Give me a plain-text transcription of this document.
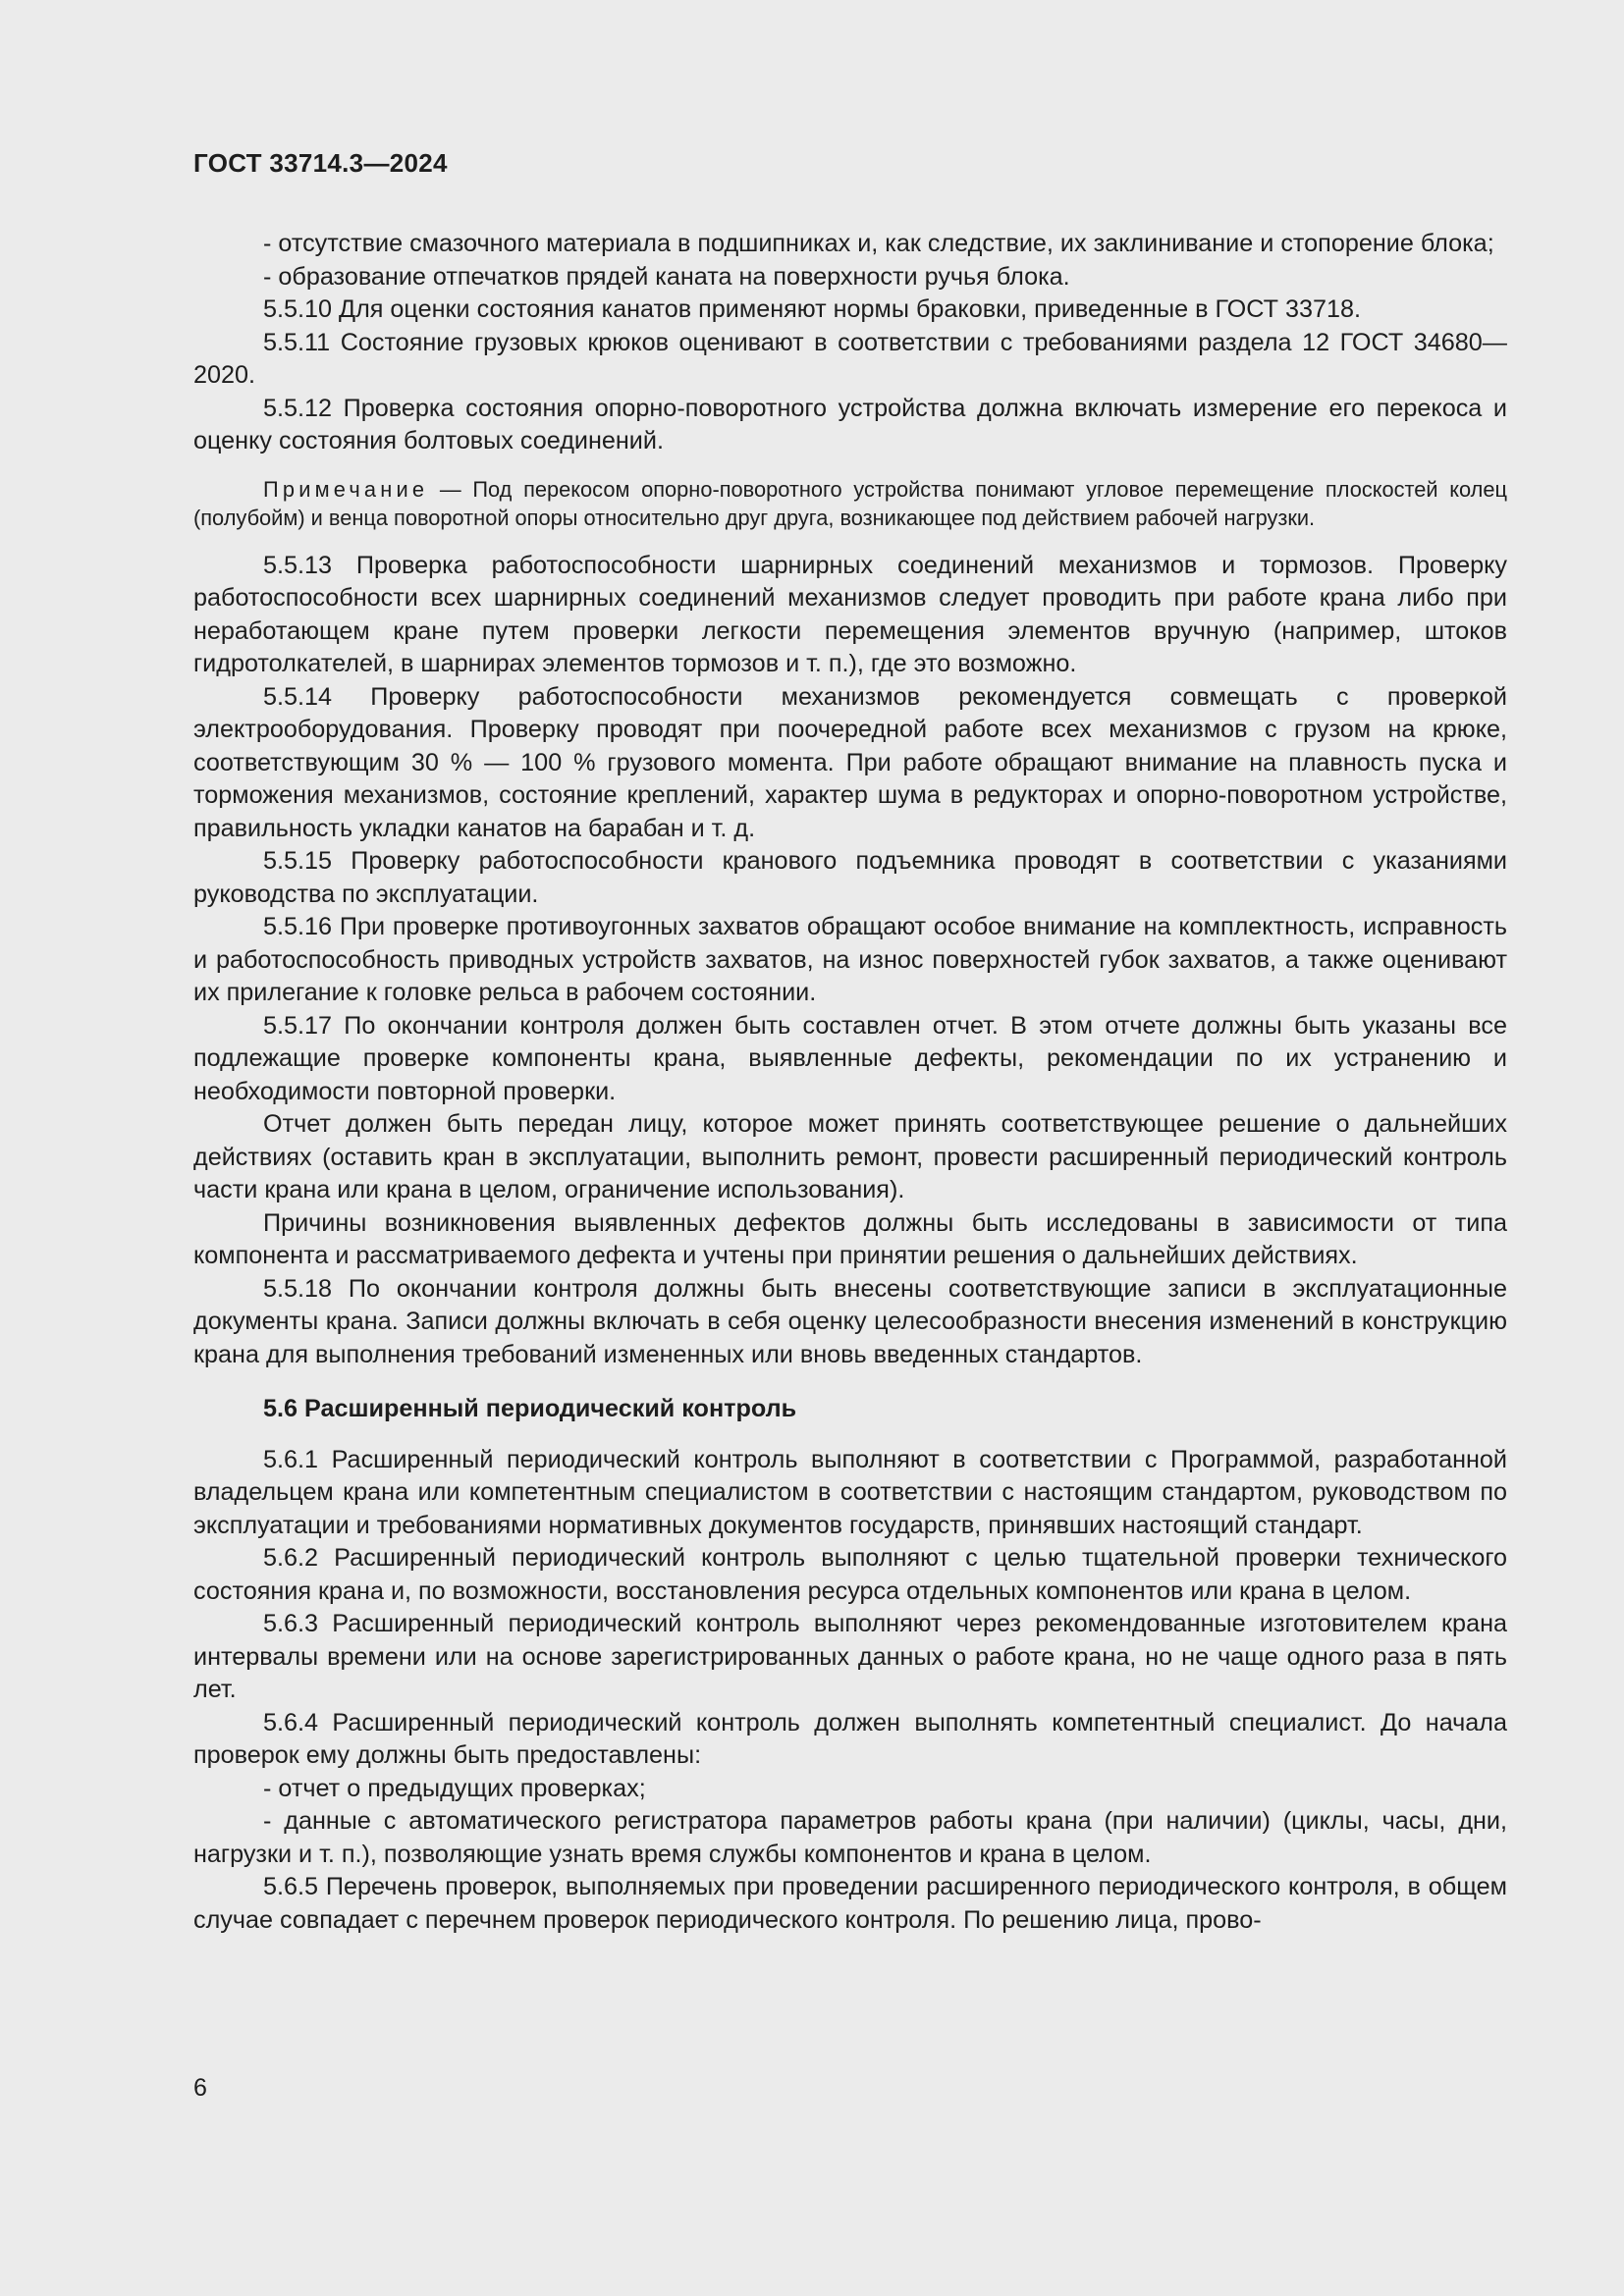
ГОСТ 33714.3—2024

- отсутствие смазочного материала в подшипниках и, как следствие, их заклинивание и стопорение блока;

- образование отпечатков прядей каната на поверхности ручья блока.

5.5.10 Для оценки состояния канатов применяют нормы браковки, приведенные в ГОСТ 33718.

5.5.11 Состояние грузовых крюков оценивают в соответствии с требованиями раздела 12 ГОСТ 34680—2020.

5.5.12 Проверка состояния опорно-поворотного устройства должна включать измерение его перекоса и оценку состояния болтовых соединений.

Примечание — Под перекосом опорно-поворотного устройства понимают угловое перемещение плоскостей колец (полубойм) и венца поворотной опоры относительно друг друга, возникающее под действием рабочей нагрузки.

5.5.13 Проверка работоспособности шарнирных соединений механизмов и тормозов. Проверку работоспособности всех шарнирных соединений механизмов следует проводить при работе крана либо при неработающем кране путем проверки легкости перемещения элементов вручную (например, штоков гидротолкателей, в шарнирах элементов тормозов и т. п.), где это возможно.

5.5.14 Проверку работоспособности механизмов рекомендуется совмещать с проверкой электрооборудования. Проверку проводят при поочередной работе всех механизмов с грузом на крюке, соответствующим 30 % — 100 % грузового момента. При работе обращают внимание на плавность пуска и торможения механизмов, состояние креплений, характер шума в редукторах и опорно-поворотном устройстве, правильность укладки канатов на барабан и т. д.

5.5.15 Проверку работоспособности кранового подъемника проводят в соответствии с указаниями руководства по эксплуатации.

5.5.16 При проверке противоугонных захватов обращают особое внимание на комплектность, исправность и работоспособность приводных устройств захватов, на износ поверхностей губок захватов, а также оценивают их прилегание к головке рельса в рабочем состоянии.

5.5.17 По окончании контроля должен быть составлен отчет. В этом отчете должны быть указаны все подлежащие проверке компоненты крана, выявленные дефекты, рекомендации по их устранению и необходимости повторной проверки.

Отчет должен быть передан лицу, которое может принять соответствующее решение о дальнейших действиях (оставить кран в эксплуатации, выполнить ремонт, провести расширенный периодический контроль части крана или крана в целом, ограничение использования).

Причины возникновения выявленных дефектов должны быть исследованы в зависимости от типа компонента и рассматриваемого дефекта и учтены при принятии решения о дальнейших действиях.

5.5.18 По окончании контроля должны быть внесены соответствующие записи в эксплуатационные документы крана. Записи должны включать в себя оценку целесообразности внесения изменений в конструкцию крана для выполнения требований измененных или вновь введенных стандартов.

5.6 Расширенный периодический контроль

5.6.1 Расширенный периодический контроль выполняют в соответствии с Программой, разработанной владельцем крана или компетентным специалистом в соответствии с настоящим стандартом, руководством по эксплуатации и требованиями нормативных документов государств, принявших настоящий стандарт.

5.6.2 Расширенный периодический контроль выполняют с целью тщательной проверки технического состояния крана и, по возможности, восстановления ресурса отдельных компонентов или крана в целом.

5.6.3 Расширенный периодический контроль выполняют через рекомендованные изготовителем крана интервалы времени или на основе зарегистрированных данных о работе крана, но не чаще одного раза в пять лет.

5.6.4 Расширенный периодический контроль должен выполнять компетентный специалист. До начала проверок ему должны быть предоставлены:

- отчет о предыдущих проверках;

- данные с автоматического регистратора параметров работы крана (при наличии) (циклы, часы, дни, нагрузки и т. п.), позволяющие узнать время службы компонентов и крана в целом.

5.6.5 Перечень проверок, выполняемых при проведении расширенного периодического контроля, в общем случае совпадает с перечнем проверок периодического контроля. По решению лица, прово-

6
